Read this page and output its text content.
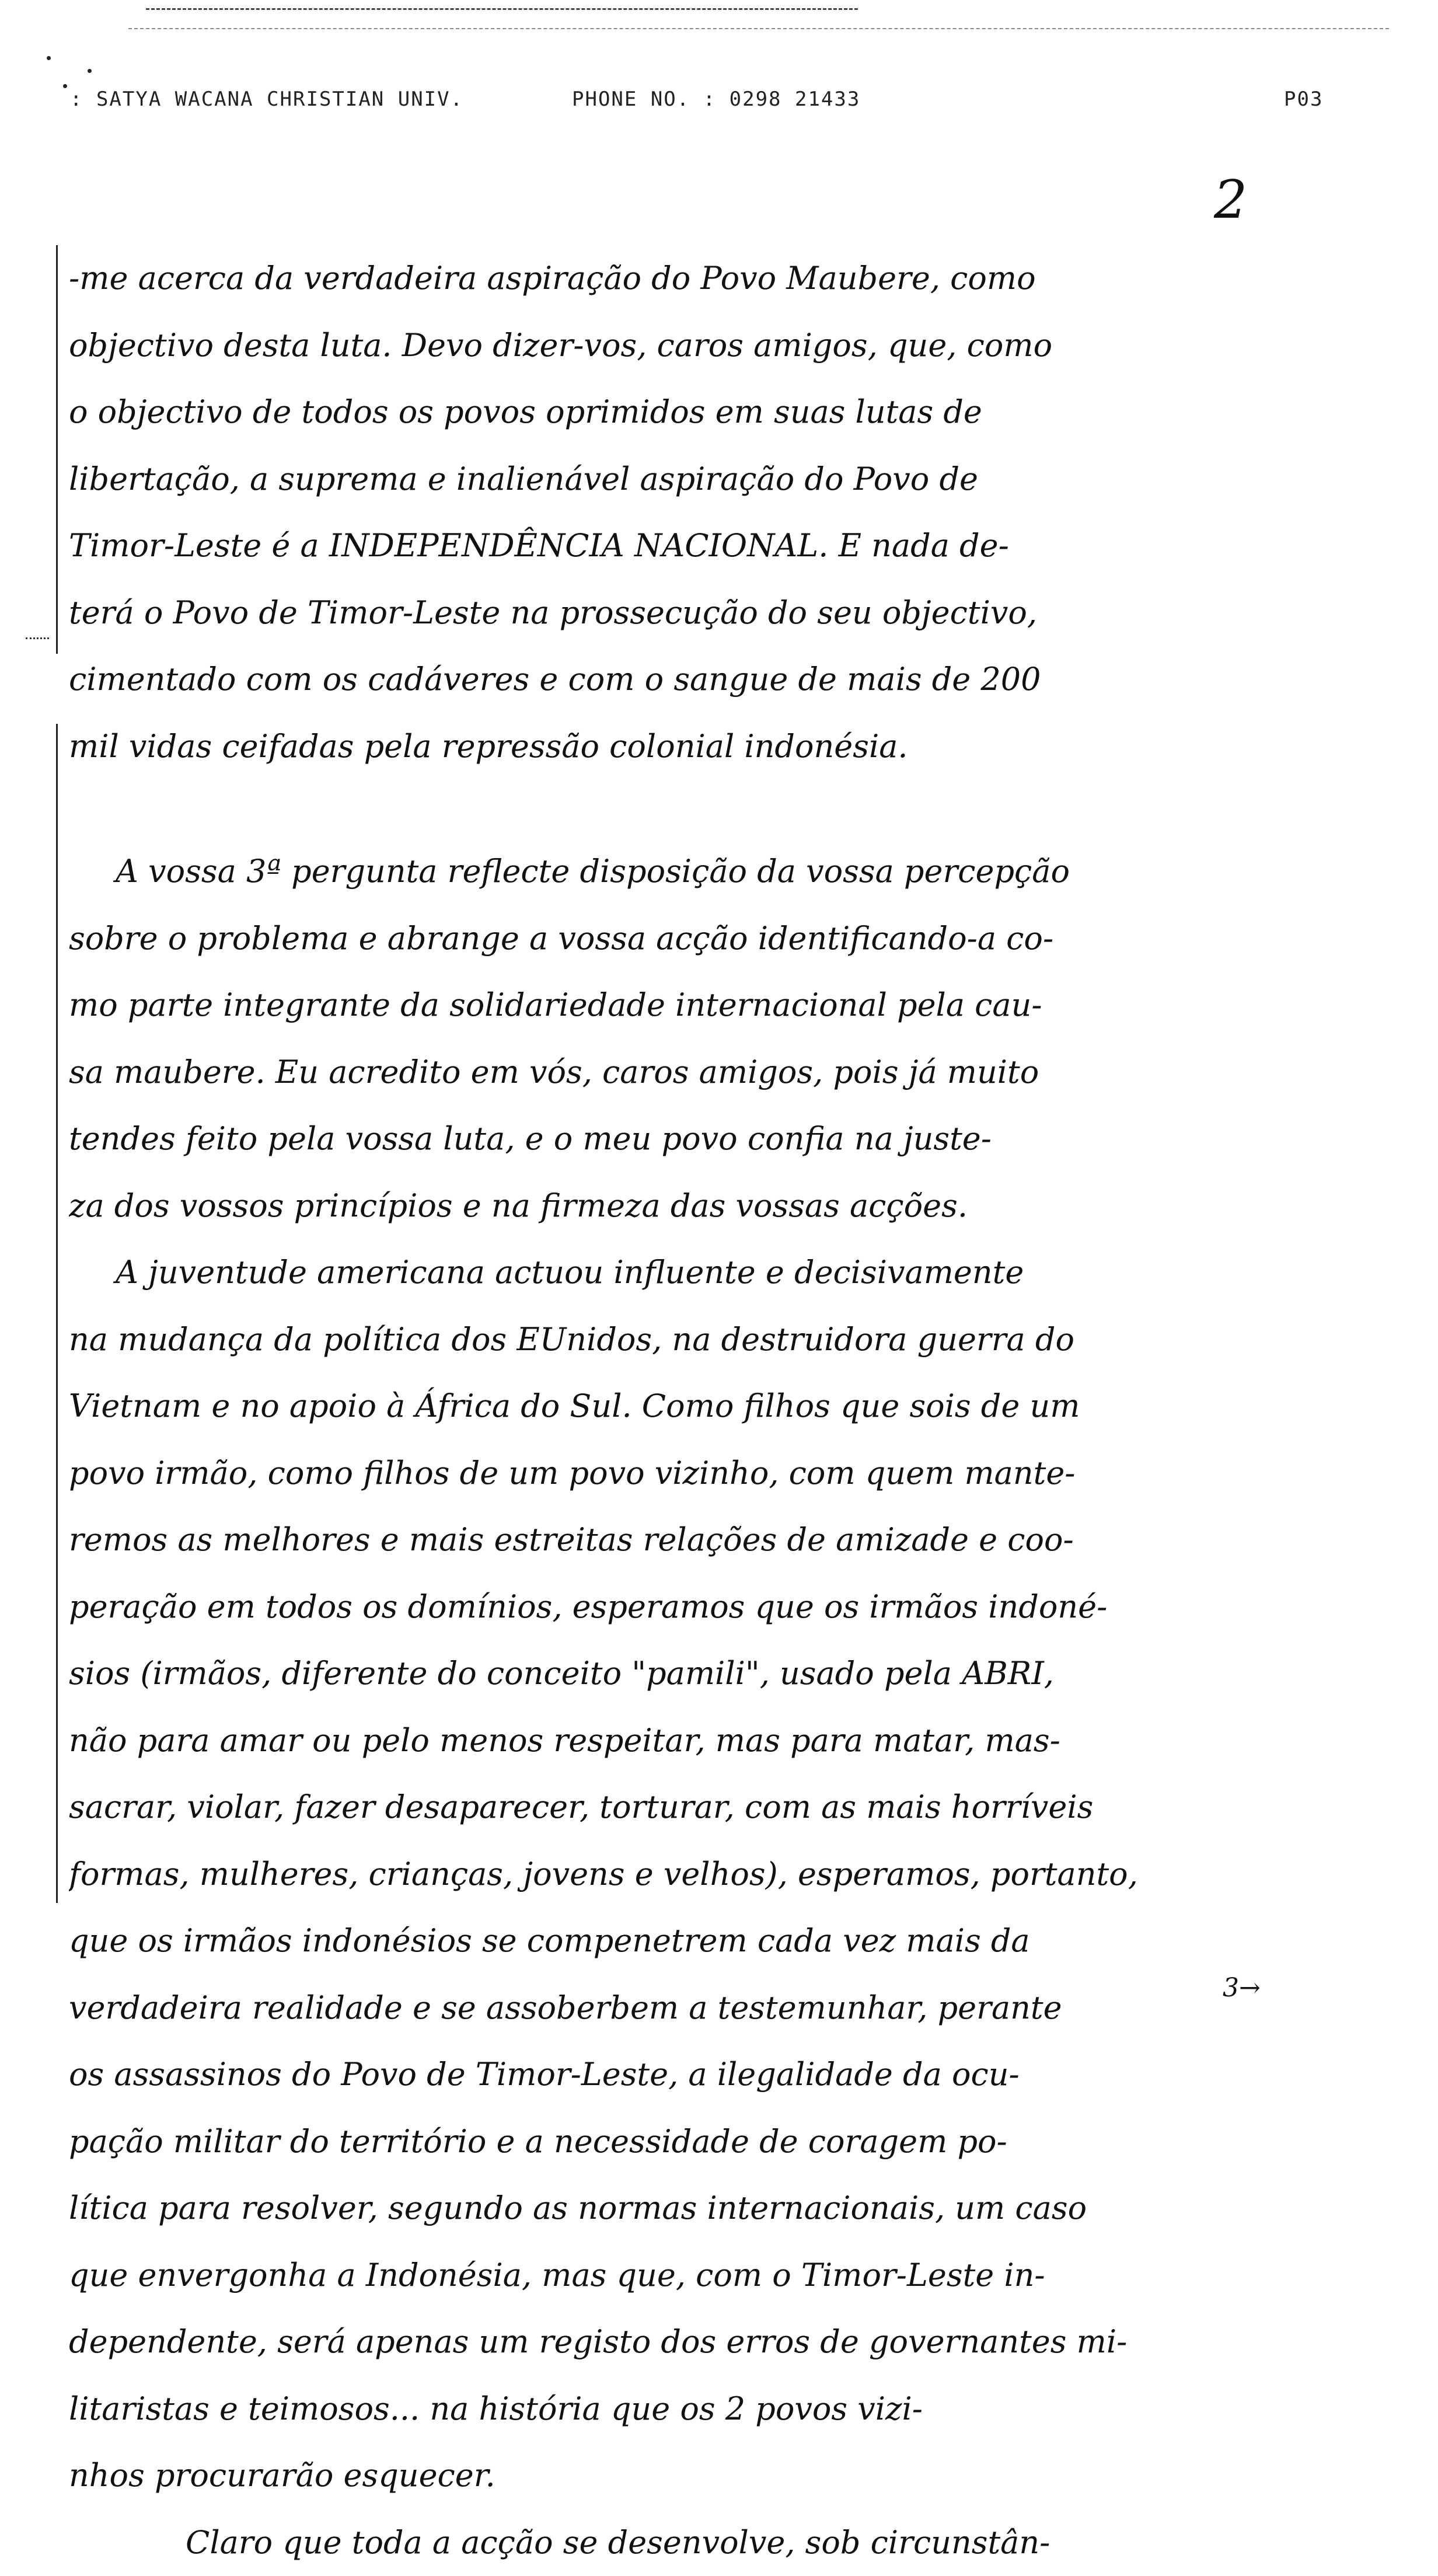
: SATYA WACANA CHRISTIAN UNIV.	PHONE NO. : 0298 21433	P03
2
-me acerca da verdadeira aspiração do Povo Maubere, como
objectivo desta luta. Devo dizer-vos, caros amigos, que, como
o objectivo de todos os povos oprimidos em suas lutas de
libertação, a suprema e inalienável aspiração do Povo de
Timor-Leste é a INDEPENDÊNCIA NACIONAL. E nada de-
terá o Povo de Timor-Leste na prossecução do seu objectivo,
cimentado com os cadáveres e com o sangue de mais de 200
mil vidas ceifadas pela repressão colonial indonésia.
A vossa 3ª pergunta reflecte disposição da vossa percepção
sobre o problema e abrange a vossa acção identificando-a co-
mo parte integrante da solidariedade internacional pela cau-
sa maubere. Eu acredito em vós, caros amigos, pois já muito
tendes feito pela vossa luta, e o meu povo confia na juste-
za dos vossos princípios e na firmeza das vossas acções.
A juventude americana actuou influente e decisivamente
na mudança da política dos EUnidos, na destruidora guerra do
Vietnam e no apoio à África do Sul. Como filhos que sois de um
povo irmão, como filhos de um povo vizinho, com quem mante-
remos as melhores e mais estreitas relações de amizade e coo-
peração em todos os domínios, esperamos que os irmãos indoné-
sios (irmãos, diferente do conceito "pamili", usado pela ABRI,
não para amar ou pelo menos respeitar, mas para matar, mas-
sacrar, violar, fazer desaparecer, torturar, com as mais horríveis
formas, mulheres, crianças, jovens e velhos), esperamos, portanto,
que os irmãos indonésios se compenetrem cada vez mais da
verdadeira realidade e se assoberbem a testemunhar, perante
os assassinos do Povo de Timor-Leste, a ilegalidade da ocu-
pação militar do território e a necessidade de coragem po-
lítica para resolver, segundo as normas internacionais, um caso
que envergonha a Indonésia, mas que, com o Timor-Leste in-
dependente, será apenas um registo dos erros de governantes mi-
litaristas e teimosos... na história que os 2 povos vizi-
nhos procurarão esquecer.
Claro que toda a acção se desenvolve, sob circunstân-
3→
